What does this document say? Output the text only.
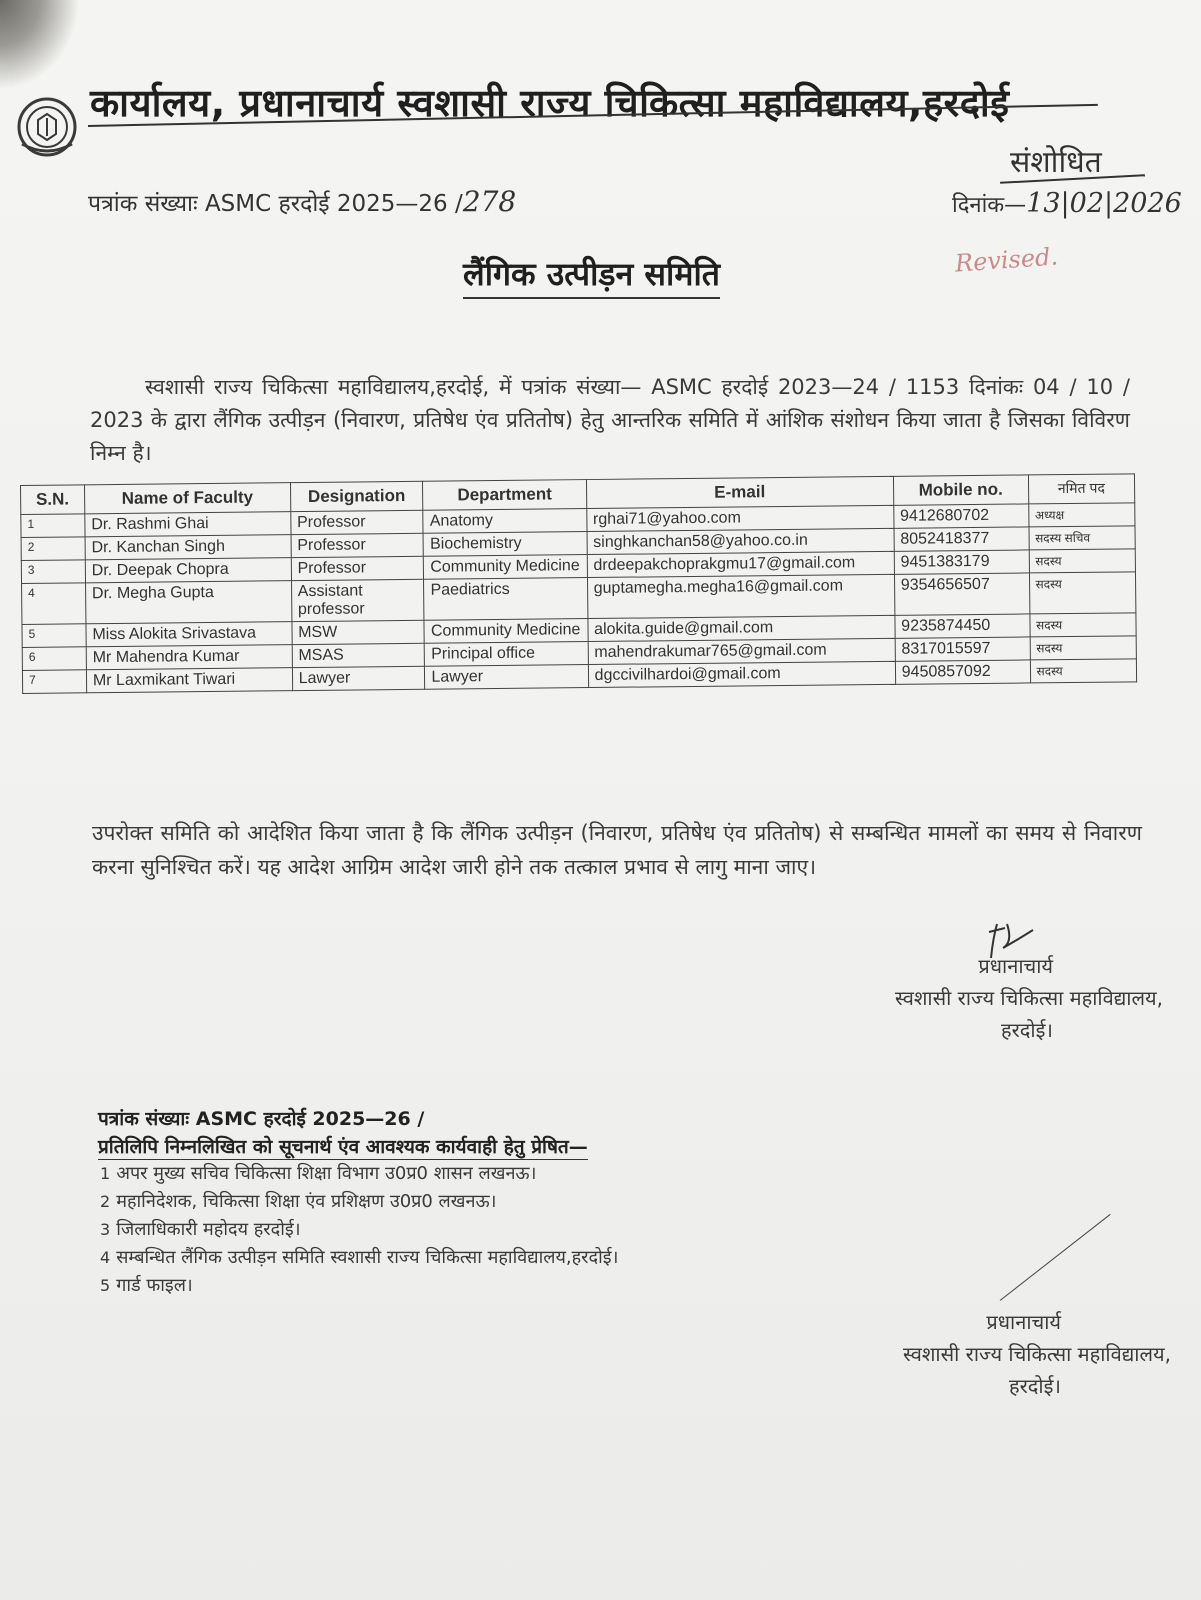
कार्यालय, प्रधानाचार्य स्वशासी राज्य चिकित्सा महाविद्यालय,हरदोई
संशोधित
पत्रांक संख्याः ASMC हरदोई 2025—26 /278	दिनांक—13|02|2026
Revised.
लैंगिक उत्पीड़न समिति

स्वशासी राज्य चिकित्सा महाविद्यालय,हरदोई, में पत्रांक संख्या— ASMC हरदोई 2023—24 / 1153 दिनांकः 04 / 10 / 2023 के द्वारा लैंगिक उत्पीड़न (निवारण, प्रतिषेध एंव प्रतितोष) हेतु आन्तरिक समिति में आंशिक संशोधन किया जाता है जिसका विविरण निम्न है।

S.N.	Name of Faculty	Designation	Department	E-mail	Mobile no.	नमित पद
1	Dr. Rashmi Ghai	Professor	Anatomy	rghai71@yahoo.com	9412680702	अध्यक्ष
2	Dr. Kanchan Singh	Professor	Biochemistry	singhkanchan58@yahoo.co.in	8052418377	सदस्य सचिव
3	Dr. Deepak Chopra	Professor	Community Medicine	drdeepakchoprakgmu17@gmail.com	9451383179	सदस्य
4	Dr. Megha Gupta	Assistant professor	Paediatrics	guptamegha.megha16@gmail.com	9354656507	सदस्य
5	Miss Alokita Srivastava	MSW	Community Medicine	alokita.guide@gmail.com	9235874450	सदस्य
6	Mr Mahendra Kumar	MSAS	Principal office	mahendrakumar765@gmail.com	8317015597	सदस्य
7	Mr Laxmikant Tiwari	Lawyer	Lawyer	dgccivilhardoi@gmail.com	9450857092	सदस्य

उपरोक्त समिति को आदेशित किया जाता है कि लैंगिक उत्पीड़न (निवारण, प्रतिषेध एंव प्रतितोष) से सम्बन्धित मामलों का समय से निवारण करना सुनिश्चित करें। यह आदेश आग्रिम आदेश जारी होने तक तत्काल प्रभाव से लागु माना जाए।

प्रधानाचार्य
स्वशासी राज्य चिकित्सा महाविद्यालय,
हरदोई।
पत्रांक संख्याः ASMC हरदोई 2025—26 /
प्रतिलिपि निम्नलिखित को सूचनार्थ एंव आवश्यक कार्यवाही हेतु प्रेषित—
1 अपर मुख्य सचिव चिकित्सा शिक्षा विभाग उ0प्र0 शासन लखनऊ।
2 महानिदेशक, चिकित्सा शिक्षा एंव प्रशिक्षण उ0प्र0 लखनऊ।
3 जिलाधिकारी महोदय हरदोई।
4 सम्बन्धित लैंगिक उत्पीड़न समिति स्वशासी राज्य चिकित्सा महाविद्यालय,हरदोई।
5 गार्ड फाइल।
प्रधानाचार्य
स्वशासी राज्य चिकित्सा महाविद्यालय,
हरदोई।
